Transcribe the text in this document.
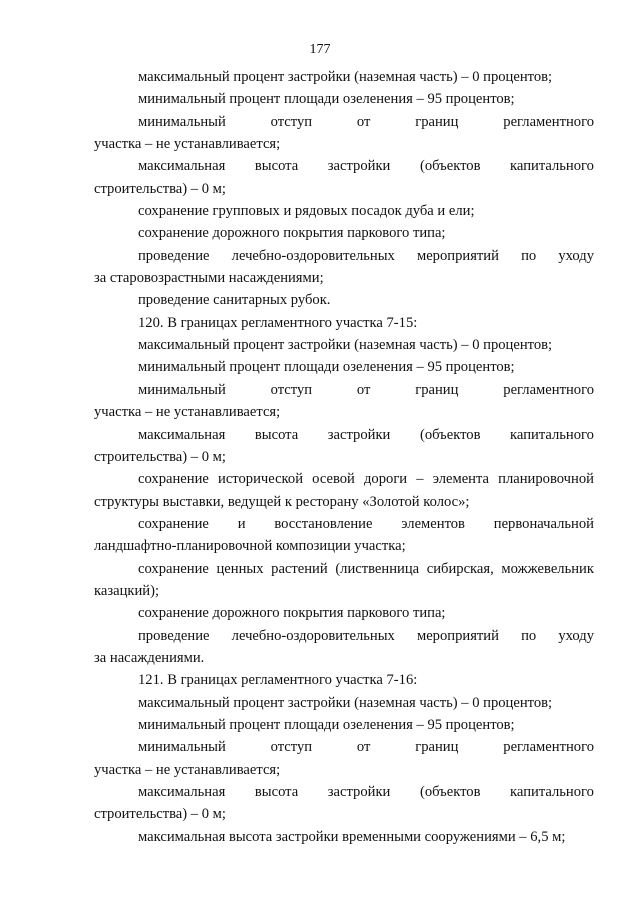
177
максимальный процент застройки (наземная часть) – 0 процентов;
минимальный процент площади озеленения – 95 процентов;
минимальный	отступ	от	границ	регламентного
участка – не устанавливается;
максимальная высота застройки (объектов капитального
строительства) – 0 м;
сохранение групповых и рядовых посадок дуба и ели;
сохранение дорожного покрытия паркового типа;
проведение лечебно-оздоровительных мероприятий по уходу
за старовозрастными насаждениями;
проведение санитарных рубок.
120. В границах регламентного участка 7-15:
максимальный процент застройки (наземная часть) – 0 процентов;
минимальный процент площади озеленения – 95 процентов;
минимальный	отступ	от	границ	регламентного
участка – не устанавливается;
максимальная высота застройки (объектов капитального
строительства) – 0 м;
сохранение исторической осевой дороги – элемента планировочной
структуры выставки, ведущей к ресторану «Золотой колос»;
сохранение и восстановление элементов первоначальной
ландшафтно-планировочной композиции участка;
сохранение ценных растений (лиственница сибирская, можжевельник
казацкий);
сохранение дорожного покрытия паркового типа;
проведение лечебно-оздоровительных мероприятий по уходу
за насаждениями.
121. В границах регламентного участка 7-16:
максимальный процент застройки (наземная часть) – 0 процентов;
минимальный процент площади озеленения – 95 процентов;
минимальный	отступ	от	границ	регламентного
участка – не устанавливается;
максимальная высота застройки (объектов капитального
строительства) – 0 м;
максимальная высота застройки временными сооружениями – 6,5 м;
